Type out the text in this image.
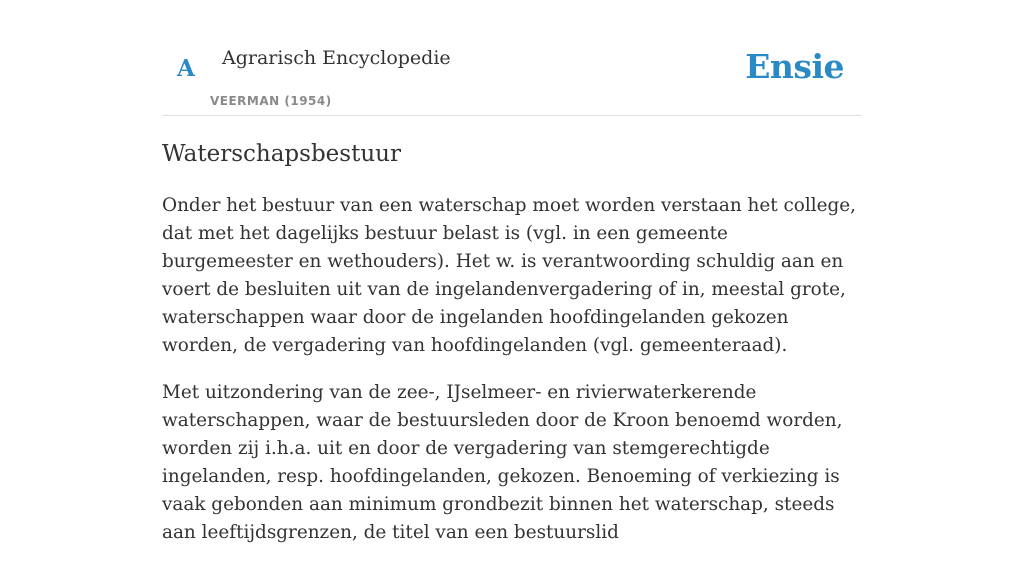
A Agrarisch Encyclopedie
VEERMAN (1954)
Ensie
Waterschapsbestuur

Onder het bestuur van een waterschap moet worden verstaan het college, dat met het dagelijks bestuur belast is (vgl. in een gemeente burgemeester en wethouders). Het w. is verantwoording schuldig aan en voert de besluiten uit van de ingelandenvergadering of in, meestal grote, waterschappen waar door de ingelanden hoofdingelanden gekozen worden, de vergadering van hoofdingelanden (vgl. gemeenteraad).

Met uitzondering van de zee-, IJselmeer- en rivierwaterkerende waterschappen, waar de bestuursleden door de Kroon benoemd worden, worden zij i.h.a. uit en door de vergadering van stemgerechtigde ingelanden, resp. hoofdingelanden, gekozen. Benoeming of verkiezing is vaak gebonden aan minimum grondbezit binnen het waterschap, steeds aan leeftijdsgrenzen, de titel van een bestuurslid
